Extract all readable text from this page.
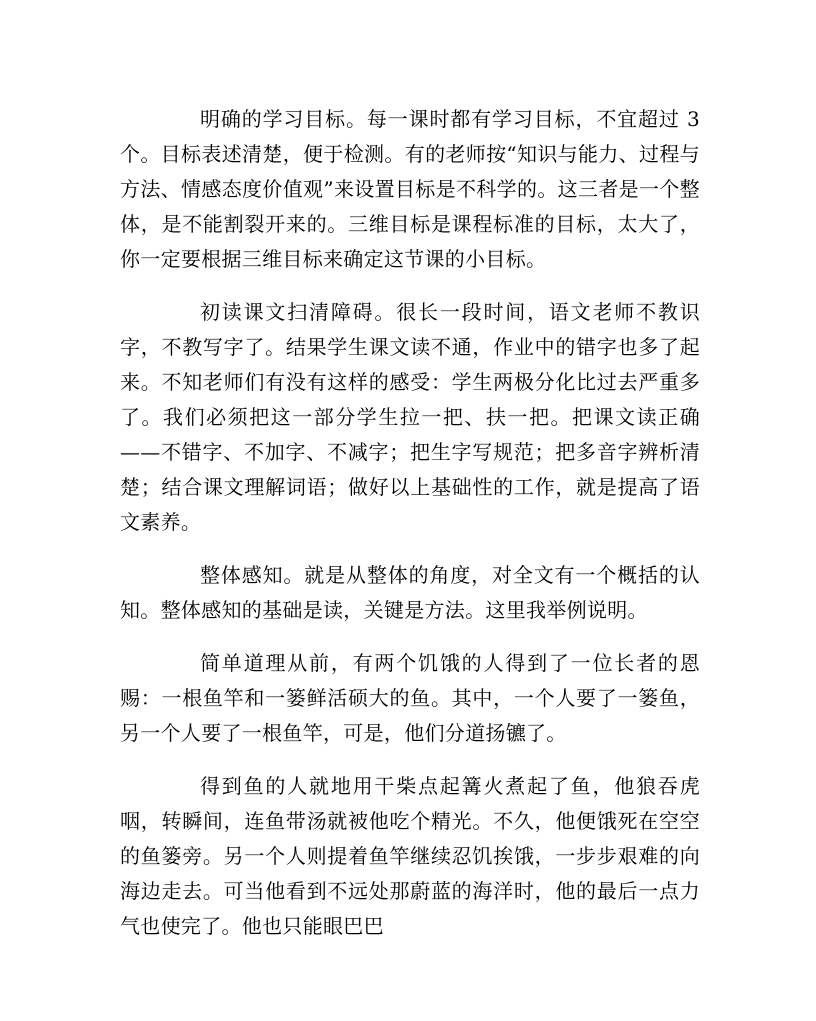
明确的学习目标。每一课时都有学习目标，不宜超过 3 个。目标表述清楚，便于检测。有的老师按“知识与能力、过程与方法、情感态度价值观”来设置目标是不科学的。这三者是一个整体，是不能割裂开来的。三维目标是课程标准的目标，太大了，你一定要根据三维目标来确定这节课的小目标。

初读课文扫清障碍。很长一段时间，语文老师不教识字，不教写字了。结果学生课文读不通，作业中的错字也多了起来。不知老师们有没有这样的感受：学生两极分化比过去严重多了。我们必须把这一部分学生拉一把、扶一把。把课文读正确——不错字、不加字、不减字；把生字写规范；把多音字辨析清楚；结合课文理解词语；做好以上基础性的工作，就是提高了语文素养。

整体感知。就是从整体的角度，对全文有一个概括的认知。整体感知的基础是读，关键是方法。这里我举例说明。

简单道理从前，有两个饥饿的人得到了一位长者的恩赐：一根鱼竿和一篓鲜活硕大的鱼。其中，一个人要了一篓鱼，另一个人要了一根鱼竿，可是，他们分道扬镳了。

得到鱼的人就地用干柴点起篝火煮起了鱼，他狼吞虎咽，转瞬间，连鱼带汤就被他吃个精光。不久，他便饿死在空空的鱼篓旁。另一个人则提着鱼竿继续忍饥挨饿，一步步艰难的向海边走去。可当他看到不远处那蔚蓝的海洋时，他的最后一点力气也使完了。他也只能眼巴巴
